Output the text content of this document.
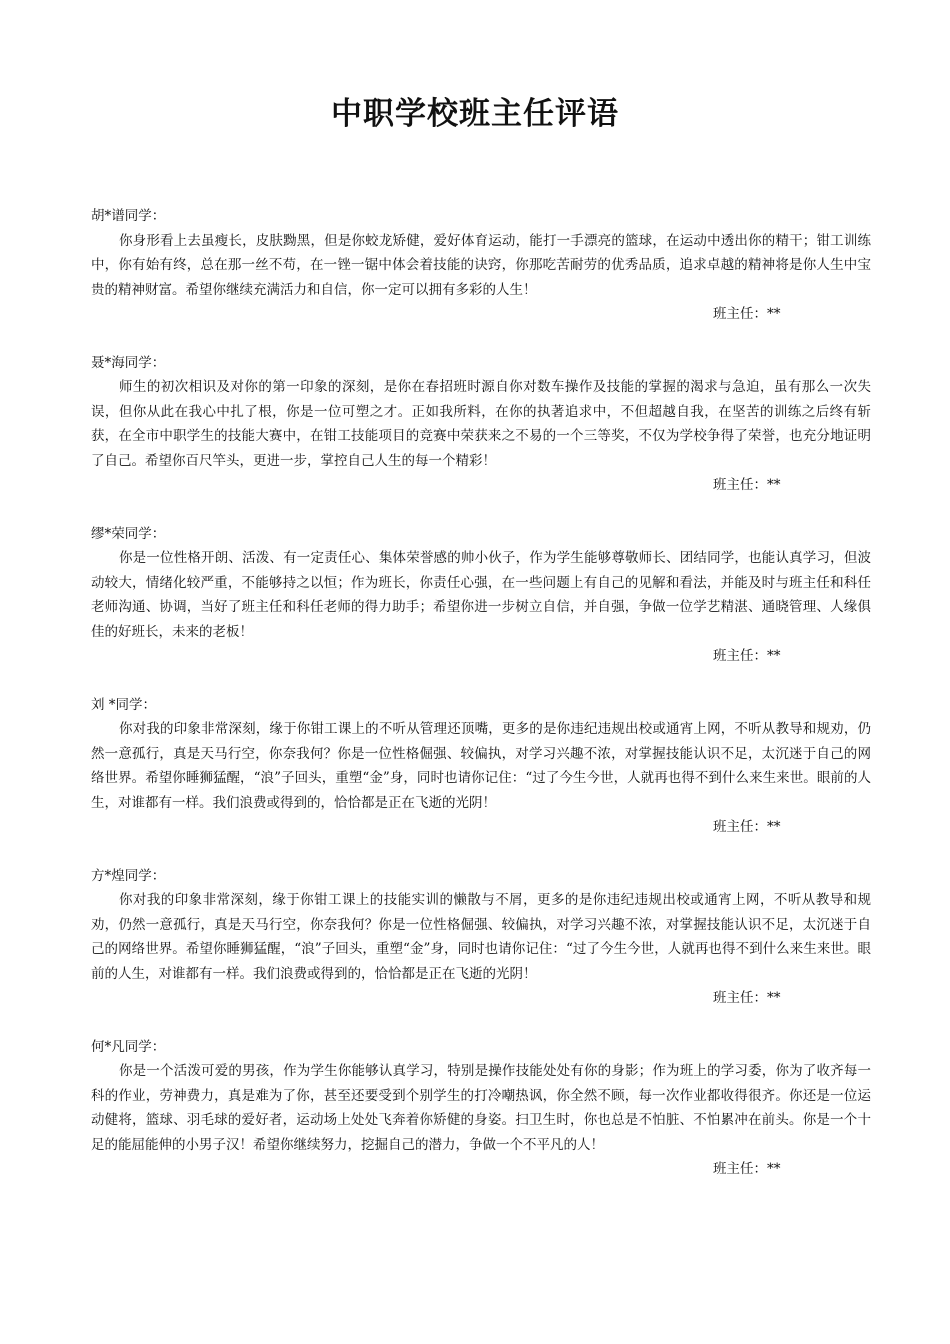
中职学校班主任评语

胡*谱同学：

你身形看上去虽瘦长，皮肤黝黑，但是你蛟龙矫健，爱好体育运动，能打一手漂亮的篮球，在运动中透出你的精干；钳工训练中，你有始有终，总在那一丝不苟，在一锉一锯中体会着技能的诀窍，你那吃苦耐劳的优秀品质，追求卓越的精神将是你人生中宝贵的精神财富。希望你继续充满活力和自信，你一定可以拥有多彩的人生！

班主任：**

聂*海同学：

师生的初次相识及对你的第一印象的深刻，是你在春招班时源自你对数车操作及技能的掌握的渴求与急迫，虽有那么一次失误，但你从此在我心中扎了根，你是一位可塑之才。正如我所料，在你的执著追求中，不但超越自我，在坚苦的训练之后终有斩获，在全市中职学生的技能大赛中，在钳工技能项目的竞赛中荣获来之不易的一个三等奖，不仅为学校争得了荣誉，也充分地证明了自己。希望你百尺竿头，更进一步，掌控自己人生的每一个精彩！

班主任：**

缪*荣同学：

你是一位性格开朗、活泼、有一定责任心、集体荣誉感的帅小伙子，作为学生能够尊敬师长、团结同学，也能认真学习，但波动较大，情绪化较严重，不能够持之以恒；作为班长，你责任心强，在一些问题上有自己的见解和看法，并能及时与班主任和科任老师沟通、协调，当好了班主任和科任老师的得力助手；希望你进一步树立自信，并自强，争做一位学艺精湛、通晓管理、人缘俱佳的好班长，未来的老板！

班主任：**

刘 *同学：

你对我的印象非常深刻，缘于你钳工课上的不听从管理还顶嘴，更多的是你违纪违规出校或通宵上网，不听从教导和规劝，仍然一意孤行，真是天马行空，你奈我何？你是一位性格倔强、较偏执，对学习兴趣不浓，对掌握技能认识不足，太沉迷于自己的网络世界。希望你睡狮猛醒，“浪”子回头，重塑“金”身，同时也请你记住：“过了今生今世，人就再也得不到什么来生来世。眼前的人生，对谁都有一样。我们浪费或得到的，恰恰都是正在飞逝的光阴！

班主任：**

方*煌同学：

你对我的印象非常深刻，缘于你钳工课上的技能实训的懒散与不屑，更多的是你违纪违规出校或通宵上网，不听从教导和规劝，仍然一意孤行，真是天马行空，你奈我何？你是一位性格倔强、较偏执，对学习兴趣不浓，对掌握技能认识不足，太沉迷于自己的网络世界。希望你睡狮猛醒，“浪”子回头，重塑“金”身，同时也请你记住：“过了今生今世，人就再也得不到什么来生来世。眼前的人生，对谁都有一样。我们浪费或得到的，恰恰都是正在飞逝的光阴！

班主任：**

何*凡同学：

你是一个活泼可爱的男孩，作为学生你能够认真学习，特别是操作技能处处有你的身影；作为班上的学习委，你为了收齐每一科的作业，劳神费力，真是难为了你，甚至还要受到个别学生的打冷嘲热讽，你全然不顾，每一次作业都收得很齐。你还是一位运动健将，篮球、羽毛球的爱好者，运动场上处处飞奔着你矫健的身姿。扫卫生时，你也总是不怕脏、不怕累冲在前头。你是一个十足的能屈能伸的小男子汉！希望你继续努力，挖掘自己的潜力，争做一个不平凡的人！

班主任：**
